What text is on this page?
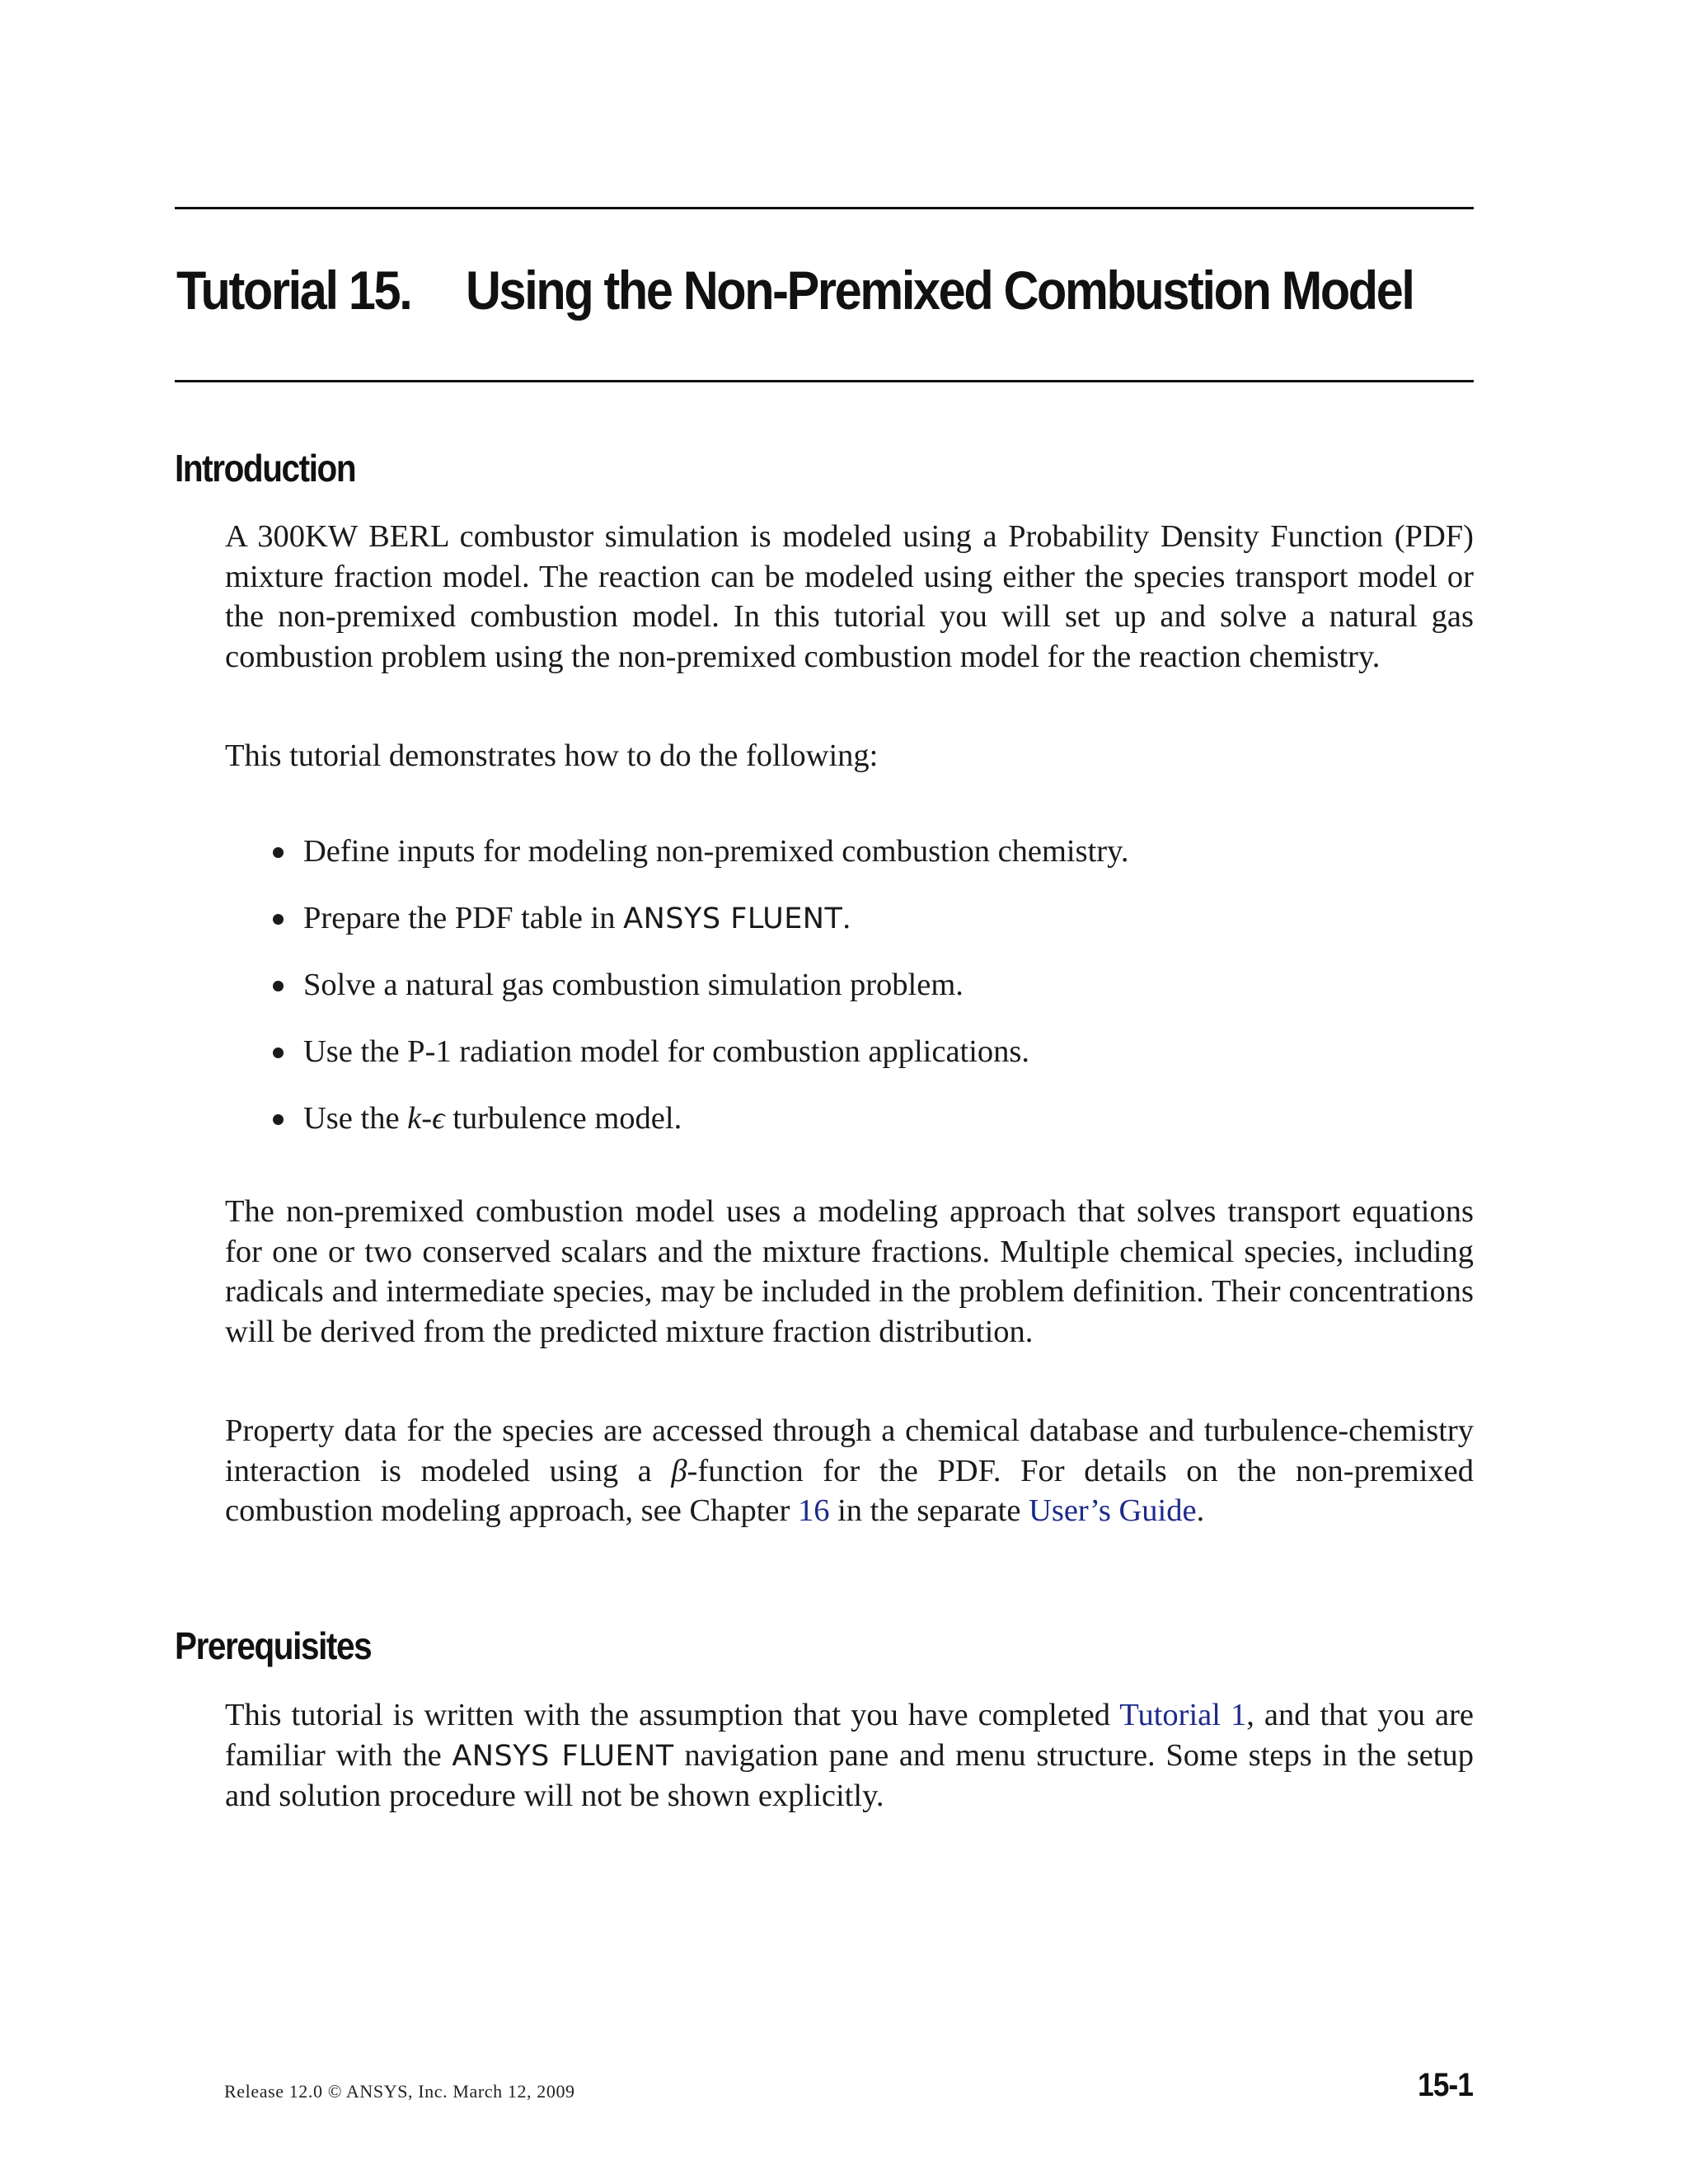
Tutorial 15. Using the Non-Premixed Combustion Model
Introduction

A 300KW BERL combustor simulation is modeled using a Probability Density Function (PDF) mixture fraction model. The reaction can be modeled using either the species transport model or the non-premixed combustion model. In this tutorial you will set up and solve a natural gas combustion problem using the non-premixed combustion model for the reaction chemistry.

This tutorial demonstrates how to do the following:

Define inputs for modeling non-premixed combustion chemistry.
Prepare the PDF table in ANSYS FLUENT.
Solve a natural gas combustion simulation problem.
Use the P-1 radiation model for combustion applications.
Use the k-ϵ turbulence model.

The non-premixed combustion model uses a modeling approach that solves transport equations for one or two conserved scalars and the mixture fractions. Multiple chemical species, including radicals and intermediate species, may be included in the problem definition. Their concentrations will be derived from the predicted mixture fraction distribution.

Property data for the species are accessed through a chemical database and turbulence-chemistry interaction is modeled using a β-function for the PDF. For details on the non-premixed combustion modeling approach, see Chapter 16 in the separate User’s Guide.

Prerequisites

This tutorial is written with the assumption that you have completed Tutorial 1, and that you are familiar with the ANSYS FLUENT navigation pane and menu structure. Some steps in the setup and solution procedure will not be shown explicitly.

Release 12.0 © ANSYS, Inc. March 12, 2009	15-1
